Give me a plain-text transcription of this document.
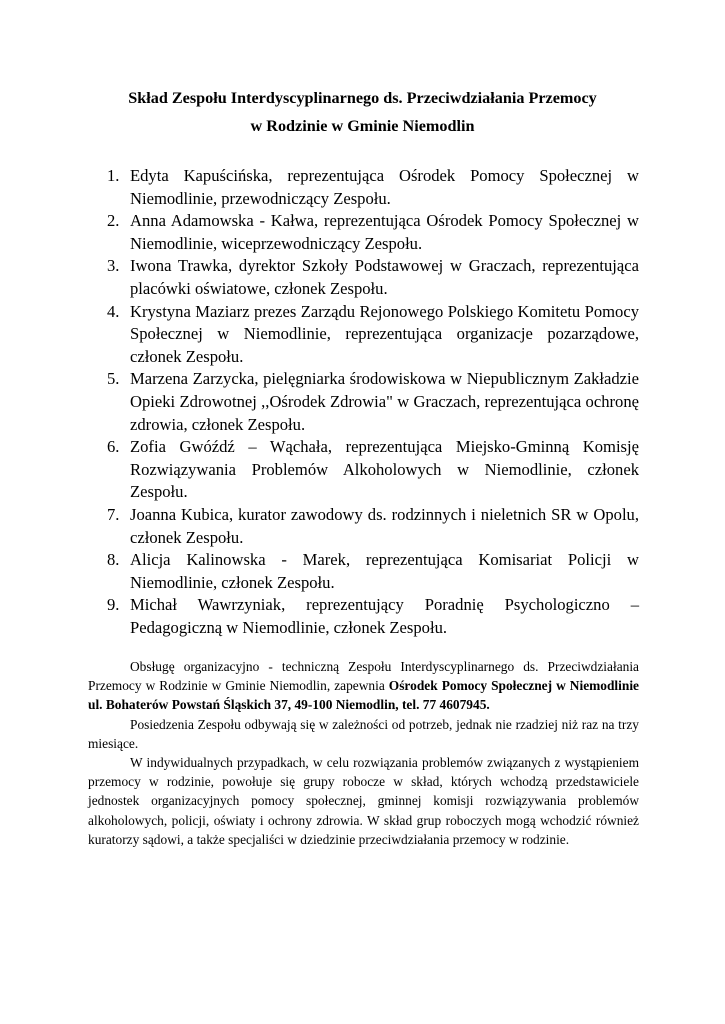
Skład Zespołu Interdyscyplinarnego ds. Przeciwdziałania Przemocy
w Rodzinie w Gminie Niemodlin
1. Edyta Kapuścińska, reprezentująca Ośrodek Pomocy Społecznej w Niemodlinie, przewodniczący Zespołu.
2. Anna Adamowska - Kałwa, reprezentująca Ośrodek Pomocy Społecznej w Niemodlinie, wiceprzewodniczący Zespołu.
3. Iwona Trawka, dyrektor Szkoły Podstawowej w Graczach, reprezentująca placówki oświatowe, członek Zespołu.
4. Krystyna Maziarz prezes Zarządu Rejonowego Polskiego Komitetu Pomocy Społecznej w Niemodlinie, reprezentująca organizacje pozarządowe, członek Zespołu.
5. Marzena Zarzycka, pielęgniarka środowiskowa w Niepublicznym Zakładzie Opieki Zdrowotnej ,,Ośrodek Zdrowia" w Graczach, reprezentująca ochronę zdrowia, członek Zespołu.
6. Zofia Gwóźdź – Wąchała, reprezentująca Miejsko-Gminną Komisję Rozwiązywania Problemów Alkoholowych w Niemodlinie, członek Zespołu.
7. Joanna Kubica, kurator zawodowy ds. rodzinnych i nieletnich SR w Opolu, członek Zespołu.
8. Alicja Kalinowska - Marek, reprezentująca Komisariat Policji w Niemodlinie, członek Zespołu.
9. Michał Wawrzyniak, reprezentujący Poradnię Psychologiczno – Pedagogiczną w Niemodlinie, członek Zespołu.

Obsługę organizacyjno - techniczną Zespołu Interdyscyplinarnego ds. Przeciwdziałania Przemocy w Rodzinie w Gminie Niemodlin, zapewnia Ośrodek Pomocy Społecznej w Niemodlinie ul. Bohaterów Powstań Śląskich 37, 49-100 Niemodlin, tel. 77 4607945.

Posiedzenia Zespołu odbywają się w zależności od potrzeb, jednak nie rzadziej niż raz na trzy miesiące.

W indywidualnych przypadkach, w celu rozwiązania problemów związanych z wystąpieniem przemocy w rodzinie, powołuje się grupy robocze w skład, których wchodzą przedstawiciele jednostek organizacyjnych pomocy społecznej, gminnej komisji rozwiązywania problemów alkoholowych, policji, oświaty i ochrony zdrowia. W skład grup roboczych mogą wchodzić również kuratorzy sądowi, a także specjaliści w dziedzinie przeciwdziałania przemocy w rodzinie.
